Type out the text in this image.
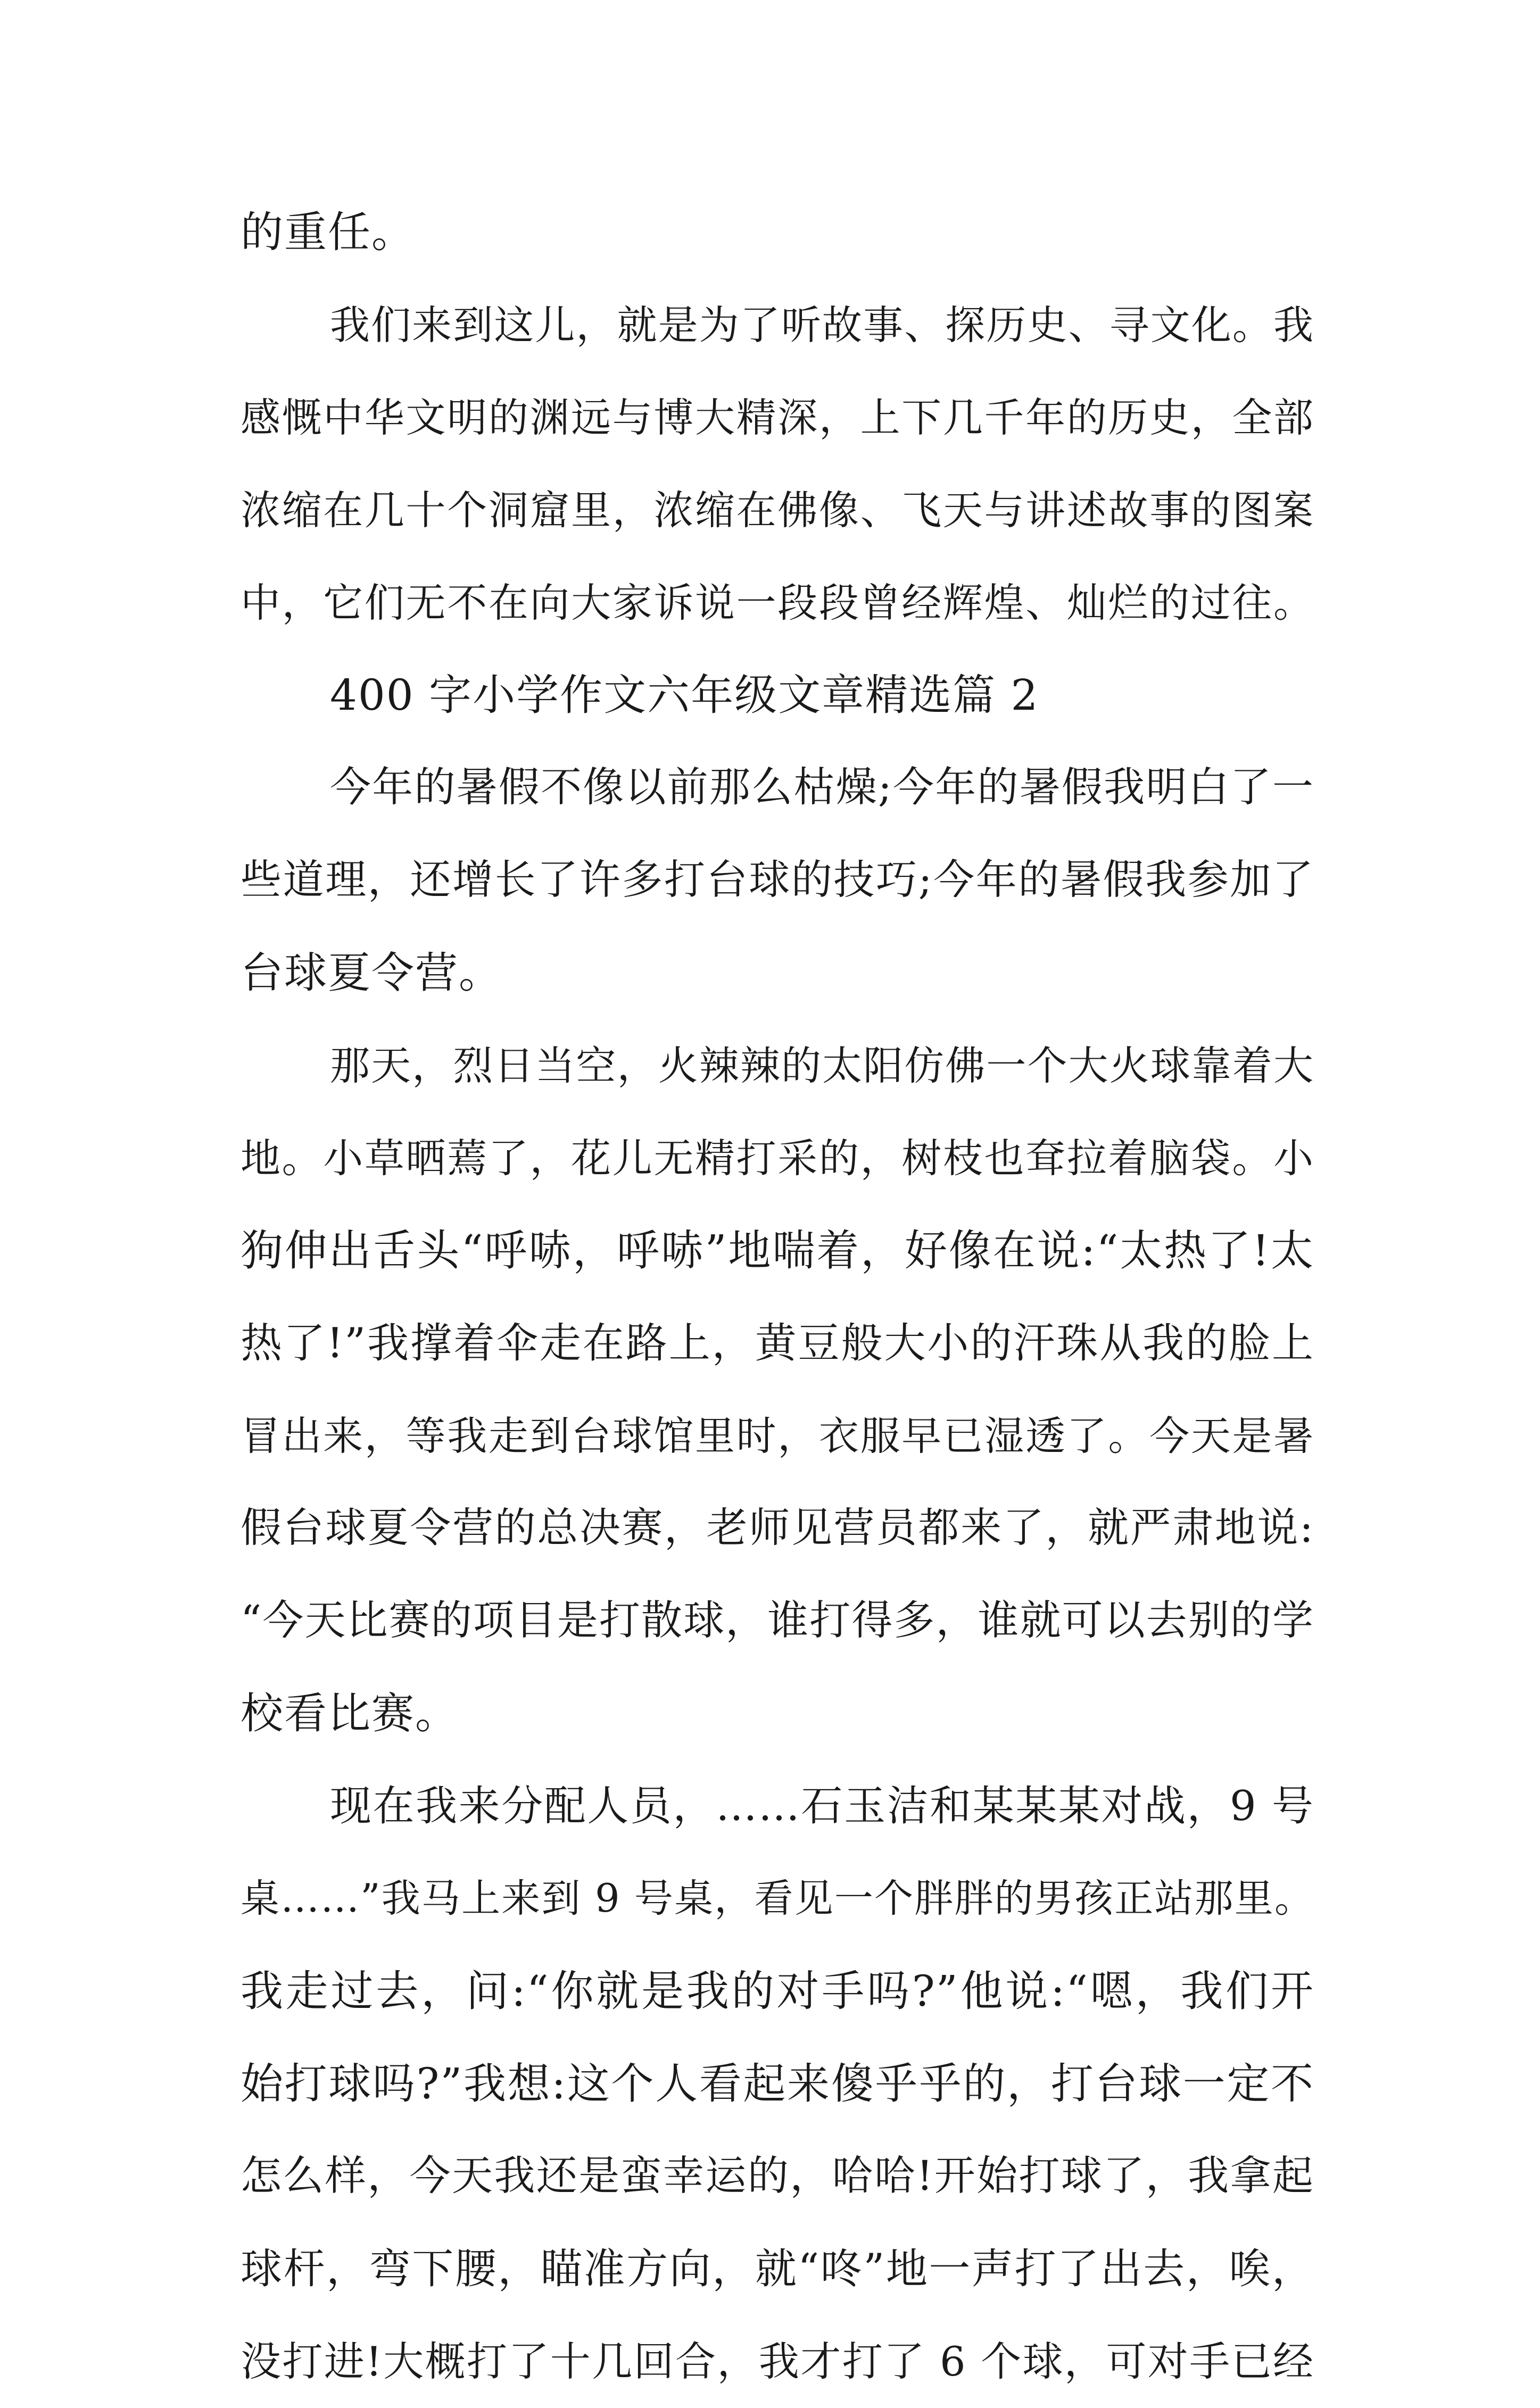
的重任。
我们来到这儿，就是为了听故事、探历史、寻文化。我
感慨中华文明的渊远与博大精深，上下几千年的历史，全部
浓缩在几十个洞窟里，浓缩在佛像、飞天与讲述故事的图案
中，它们无不在向大家诉说一段段曾经辉煌、灿烂的过往。
400 字小学作文六年级文章精选篇 2
今年的暑假不像以前那么枯燥;今年的暑假我明白了一
些道理，还增长了许多打台球的技巧;今年的暑假我参加了
台球夏令营。
那天，烈日当空，火辣辣的太阳仿佛一个大火球靠着大
地。小草晒蔫了，花儿无精打采的，树枝也耷拉着脑袋。小
狗伸出舌头“呼哧，呼哧”地喘着，好像在说:“太热了!太
热了!”我撑着伞走在路上，黄豆般大小的汗珠从我的脸上
冒出来，等我走到台球馆里时，衣服早已湿透了。今天是暑
假台球夏令营的总决赛，老师见营员都来了，就严肃地说:
“今天比赛的项目是打散球，谁打得多，谁就可以去别的学
校看比赛。
现在我来分配人员，……石玉洁和某某某对战，9 号
桌……”我马上来到 9 号桌，看见一个胖胖的男孩正站那里。
我走过去，问:“你就是我的对手吗?”他说:“嗯，我们开
始打球吗?”我想:这个人看起来傻乎乎的，打台球一定不
怎么样，今天我还是蛮幸运的，哈哈!开始打球了，我拿起
球杆，弯下腰，瞄准方向，就“咚”地一声打了出去，唉，
没打进!大概打了十几回合，我才打了 6 个球，可对手已经
